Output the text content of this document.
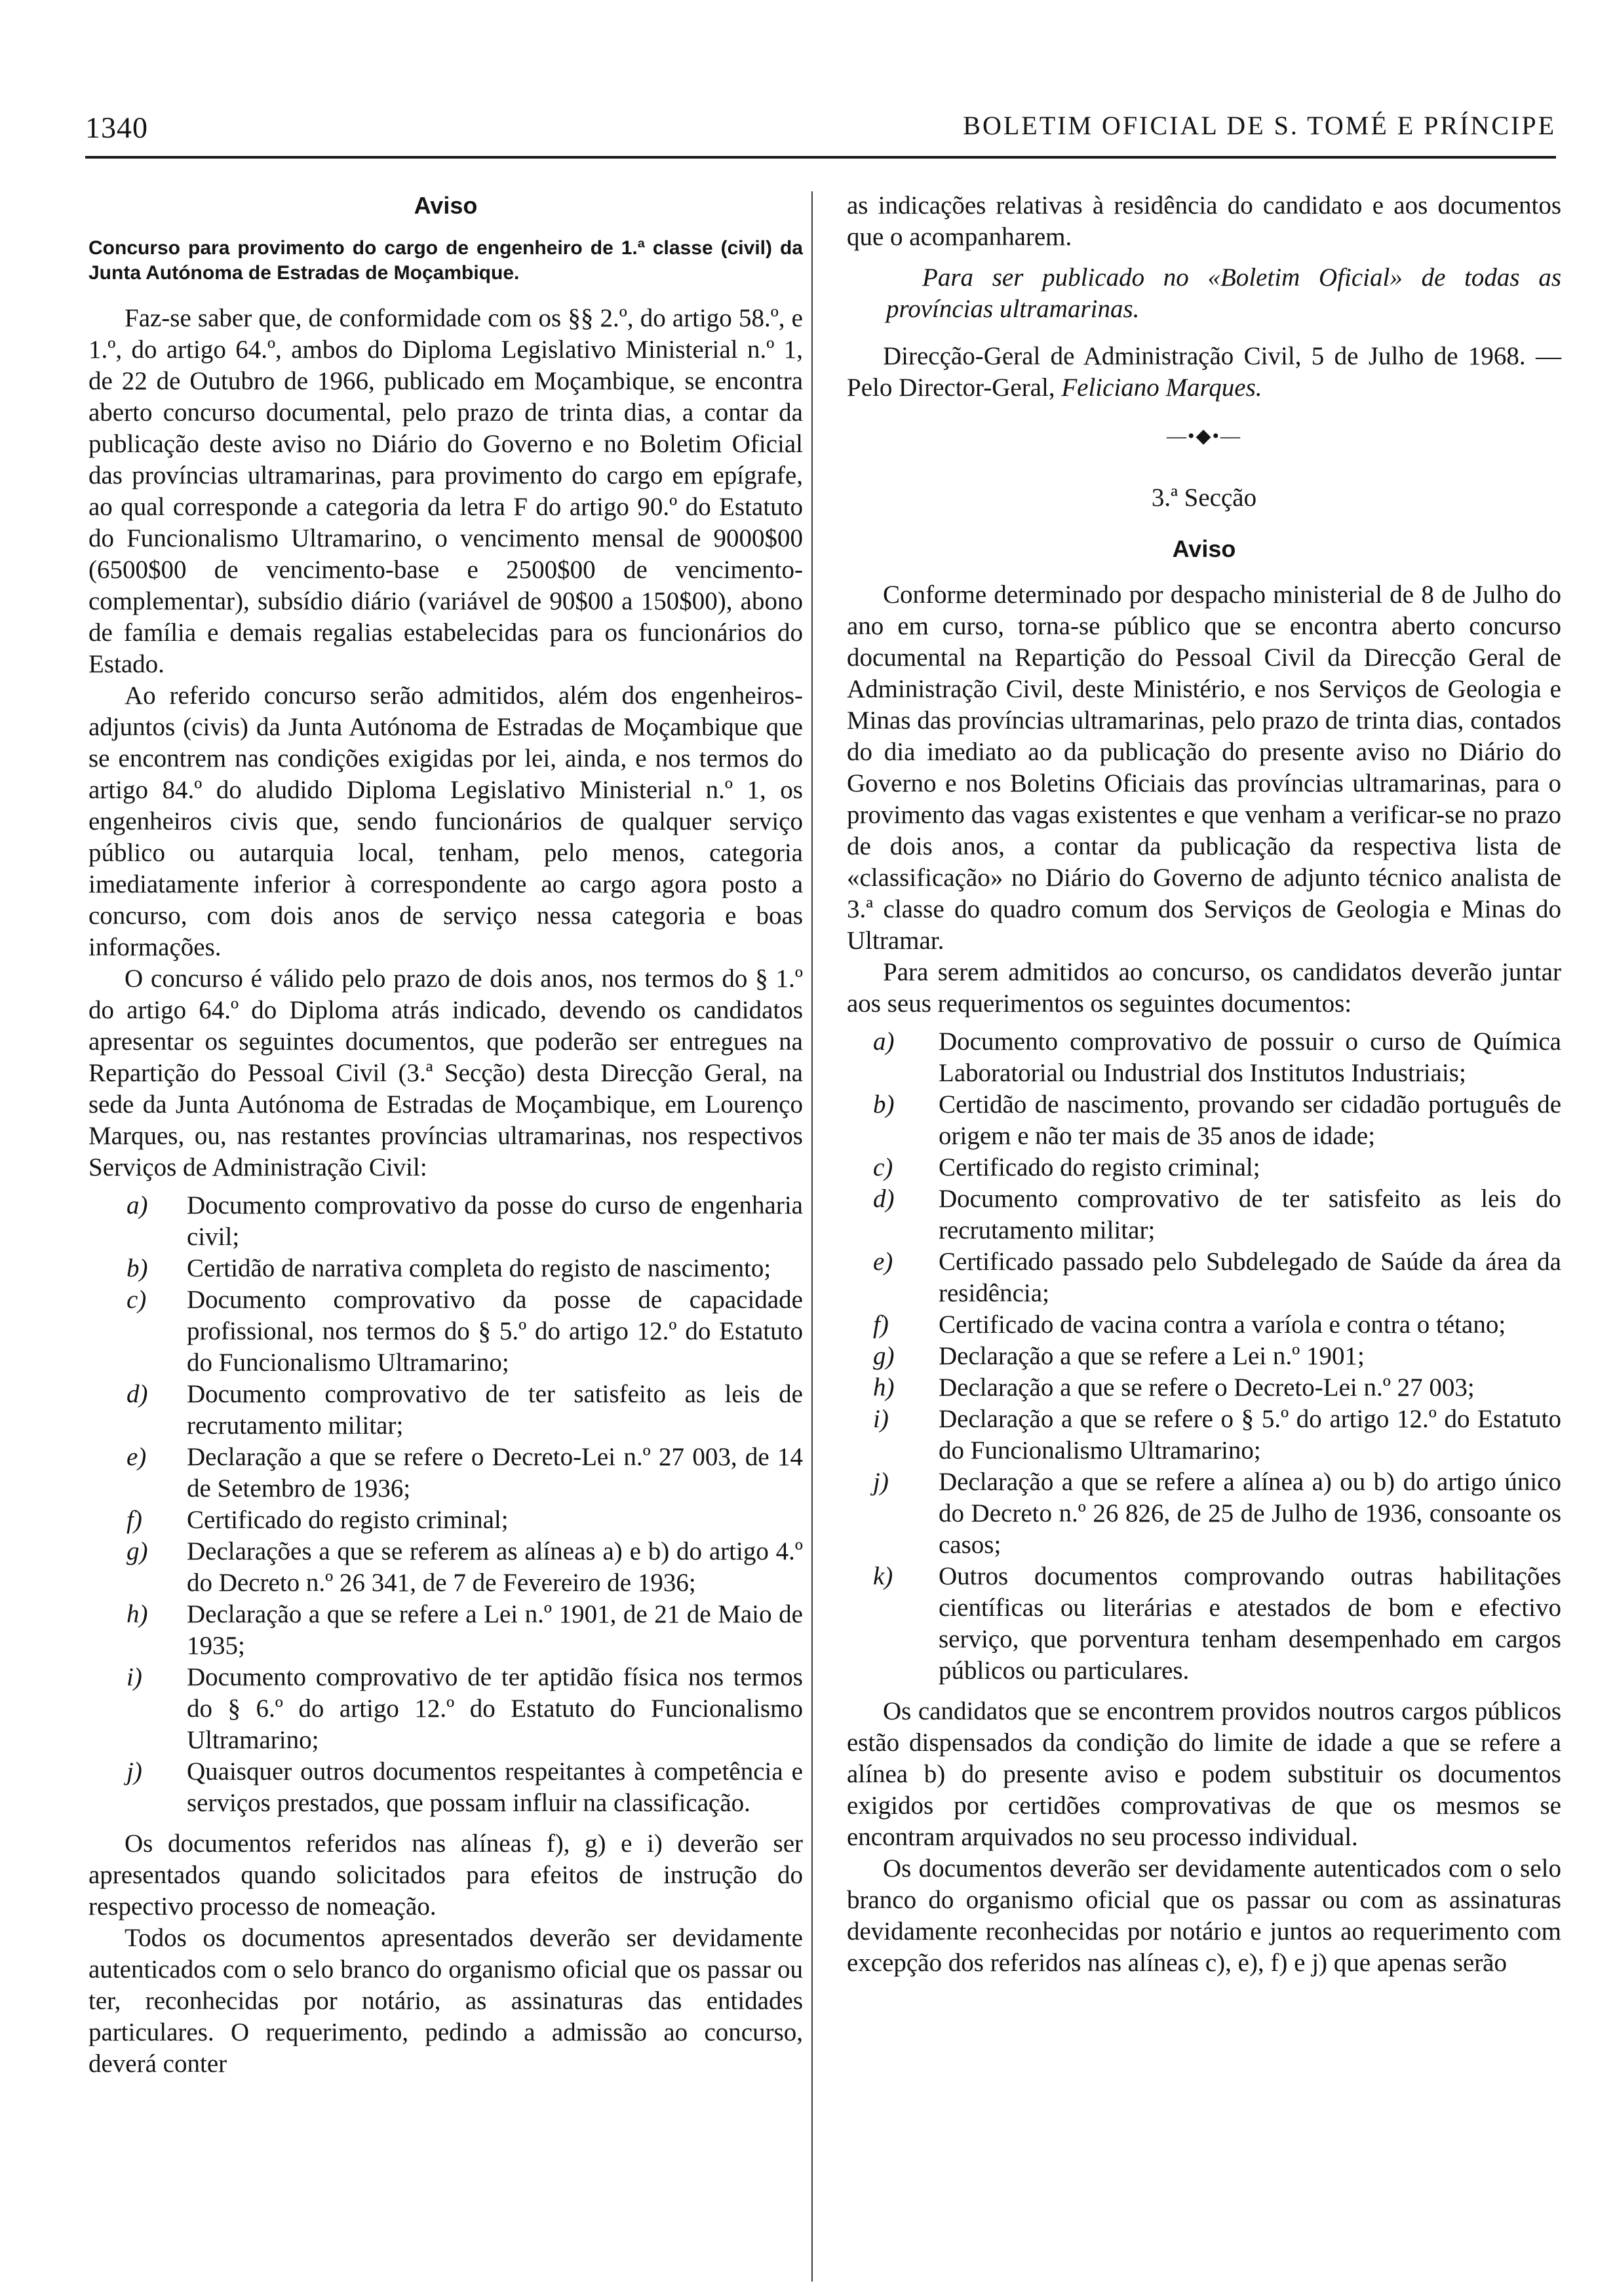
1340	BOLETIM OFICIAL DE S. TOMÉ E PRÍNCIPE

Aviso

Concurso para provimento do cargo de engenheiro de 1.ª classe (civil) da Junta Autónoma de Estradas de Moçambique.

Faz-se saber que, de conformidade com os §§ 2.º, do artigo 58.º, e 1.º, do artigo 64.º, ambos do Diploma Legislativo Ministerial n.º 1, de 22 de Outubro de 1966, publicado em Moçambique, se encontra aberto concurso documental, pelo prazo de trinta dias, a contar da publicação deste aviso no Diário do Governo e no Boletim Oficial das províncias ultramarinas, para provimento do cargo em epígrafe, ao qual corresponde a categoria da letra F do artigo 90.º do Estatuto do Funcionalismo Ultramarino, o vencimento mensal de 9000$00 (6500$00 de vencimento-base e 2500$00 de vencimento-complementar), subsídio diário (variável de 90$00 a 150$00), abono de família e demais regalias estabelecidas para os funcionários do Estado.

Ao referido concurso serão admitidos, além dos engenheiros-adjuntos (civis) da Junta Autónoma de Estradas de Moçambique que se encontrem nas condições exigidas por lei, ainda, e nos termos do artigo 84.º do aludido Diploma Legislativo Ministerial n.º 1, os engenheiros civis que, sendo funcionários de qualquer serviço público ou autarquia local, tenham, pelo menos, categoria imediatamente inferior à correspondente ao cargo agora posto a concurso, com dois anos de serviço nessa categoria e boas informações.

O concurso é válido pelo prazo de dois anos, nos termos do § 1.º do artigo 64.º do Diploma atrás indicado, devendo os candidatos apresentar os seguintes documentos, que poderão ser entregues na Repartição do Pessoal Civil (3.ª Secção) desta Direcção Geral, na sede da Junta Autónoma de Estradas de Moçambique, em Lourenço Marques, ou, nas restantes províncias ultramarinas, nos respectivos Serviços de Administração Civil:

a) Documento comprovativo da posse do curso de engenharia civil;
b) Certidão de narrativa completa do registo de nascimento;
c) Documento comprovativo da posse de capacidade profissional, nos termos do § 5.º do artigo 12.º do Estatuto do Funcionalismo Ultramarino;
d) Documento comprovativo de ter satisfeito as leis de recrutamento militar;
e) Declaração a que se refere o Decreto-Lei n.º 27 003, de 14 de Setembro de 1936;
f) Certificado do registo criminal;
g) Declarações a que se referem as alíneas a) e b) do artigo 4.º do Decreto n.º 26 341, de 7 de Fevereiro de 1936;
h) Declaração a que se refere a Lei n.º 1901, de 21 de Maio de 1935;
i) Documento comprovativo de ter aptidão física nos termos do § 6.º do artigo 12.º do Estatuto do Funcionalismo Ultramarino;
j) Quaisquer outros documentos respeitantes à competência e serviços prestados, que possam influir na classificação.

Os documentos referidos nas alíneas f), g) e i) deverão ser apresentados quando solicitados para efeitos de instrução do respectivo processo de nomeação.

Todos os documentos apresentados deverão ser devidamente autenticados com o selo branco do organismo oficial que os passar ou ter, reconhecidas por notário, as assinaturas das entidades particulares. O requerimento, pedindo a admissão ao concurso, deverá conter

as indicações relativas à residência do candidato e aos documentos que o acompanharem.

Para ser publicado no «Boletim Oficial» de todas as províncias ultramarinas.

Direcção-Geral de Administração Civil, 5 de Julho de 1968. — Pelo Director-Geral, Feliciano Marques.

—•◆•—

3.ª Secção

Aviso

Conforme determinado por despacho ministerial de 8 de Julho do ano em curso, torna-se público que se encontra aberto concurso documental na Repartição do Pessoal Civil da Direcção Geral de Administração Civil, deste Ministério, e nos Serviços de Geologia e Minas das províncias ultramarinas, pelo prazo de trinta dias, contados do dia imediato ao da publicação do presente aviso no Diário do Governo e nos Boletins Oficiais das províncias ultramarinas, para o provimento das vagas existentes e que venham a verificar-se no prazo de dois anos, a contar da publicação da respectiva lista de «classificação» no Diário do Governo de adjunto técnico analista de 3.ª classe do quadro comum dos Serviços de Geologia e Minas do Ultramar.

Para serem admitidos ao concurso, os candidatos deverão juntar aos seus requerimentos os seguintes documentos:

a) Documento comprovativo de possuir o curso de Química Laboratorial ou Industrial dos Institutos Industriais;
b) Certidão de nascimento, provando ser cidadão português de origem e não ter mais de 35 anos de idade;
c) Certificado do registo criminal;
d) Documento comprovativo de ter satisfeito as leis do recrutamento militar;
e) Certificado passado pelo Subdelegado de Saúde da área da residência;
f) Certificado de vacina contra a varíola e contra o tétano;
g) Declaração a que se refere a Lei n.º 1901;
h) Declaração a que se refere o Decreto-Lei n.º 27 003;
i) Declaração a que se refere o § 5.º do artigo 12.º do Estatuto do Funcionalismo Ultramarino;
j) Declaração a que se refere a alínea a) ou b) do artigo único do Decreto n.º 26 826, de 25 de Julho de 1936, consoante os casos;
k) Outros documentos comprovando outras habilitações científicas ou literárias e atestados de bom e efectivo serviço, que porventura tenham desempenhado em cargos públicos ou particulares.

Os candidatos que se encontrem providos noutros cargos públicos estão dispensados da condição do limite de idade a que se refere a alínea b) do presente aviso e podem substituir os documentos exigidos por certidões comprovativas de que os mesmos se encontram arquivados no seu processo individual.

Os documentos deverão ser devidamente autenticados com o selo branco do organismo oficial que os passar ou com as assinaturas devidamente reconhecidas por notário e juntos ao requerimento com excepção dos referidos nas alíneas c), e), f) e j) que apenas serão
